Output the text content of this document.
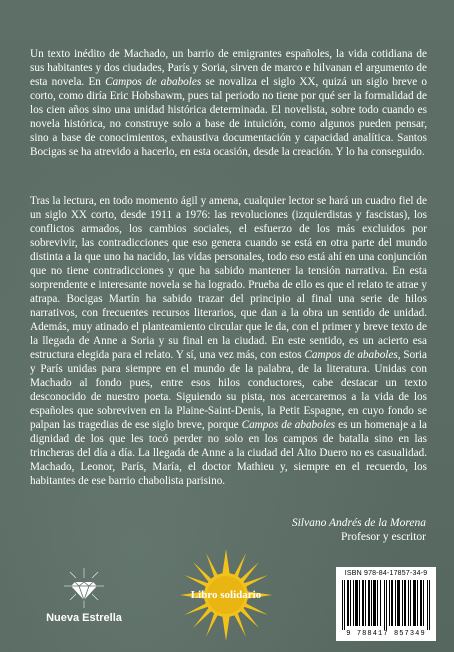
Un texto inédito de Machado, un barrio de emigrantes españoles, la vida cotidiana de sus habitantes y dos ciudades, París y Soria, sirven de marco e hilvanan el argumento de esta novela. En Campos de ababoles se novaliza el siglo XX, quizá un siglo breve o corto, como diría Eric Hobsbawm, pues tal periodo no tiene por qué ser la formalidad de los cien años sino una unidad histórica determinada. El novelista, sobre todo cuando es novela histórica, no construye solo a base de intuición, como algunos pueden pensar, sino a base de conocimientos, exhaustiva documentación y capacidad analítica. Santos Bocigas se ha atrevido a hacerlo, en esta ocasión, desde la creación. Y lo ha conseguido.

Tras la lectura, en todo momento ágil y amena, cualquier lector se hará un cuadro fiel de un siglo XX corto, desde 1911 a 1976: las revoluciones (izquierdistas y fascistas), los conflictos armados, los cambios sociales, el esfuerzo de los más excluidos por sobrevivir, las contradicciones que eso genera cuando se está en otra parte del mundo distinta a la que uno ha nacido, las vidas personales, todo eso está ahí en una conjunción que no tiene contradicciones y que ha sabido mantener la tensión narrativa. En esta sorprendente e interesante novela se ha logrado. Prueba de ello es que el relato te atrae y atrapa. Bocigas Martín ha sabido trazar del principio al final una serie de hilos narrativos, con frecuentes recursos literarios, que dan a la obra un sentido de unidad. Además, muy atinado el planteamiento circular que le da, con el primer y breve texto de la llegada de Anne a Soria y su final en la ciudad. En este sentido, es un acierto esa estructura elegida para el relato. Y sí, una vez más, con estos Campos de ababoles, Soria y París unidas para siempre en el mundo de la palabra, de la literatura. Unidas con Machado al fondo pues, entre esos hilos conductores, cabe destacar un texto desconocido de nuestro poeta. Siguiendo su pista, nos acercaremos a la vida de los españoles que sobreviven en la Plaine-Saint-Denis, la Petit Espagne, en cuyo fondo se palpan las tragedias de ese siglo breve, porque Campos de ababoles es un homenaje a la dignidad de los que les tocó perder no solo en los campos de batalla sino en las trincheras del día a día. La llegada de Anne a la ciudad del Alto Duero no es casualidad. Machado, Leonor, París, María, el doctor Mathieu y, siempre en el recuerdo, los habitantes de ese barrio chabolista parisino.

Silvano Andrés de la Morena
Profesor y escritor
Nueva Estrella
Libro solidario
ISBN 978-84-17857-34-9
9 788417 857349
